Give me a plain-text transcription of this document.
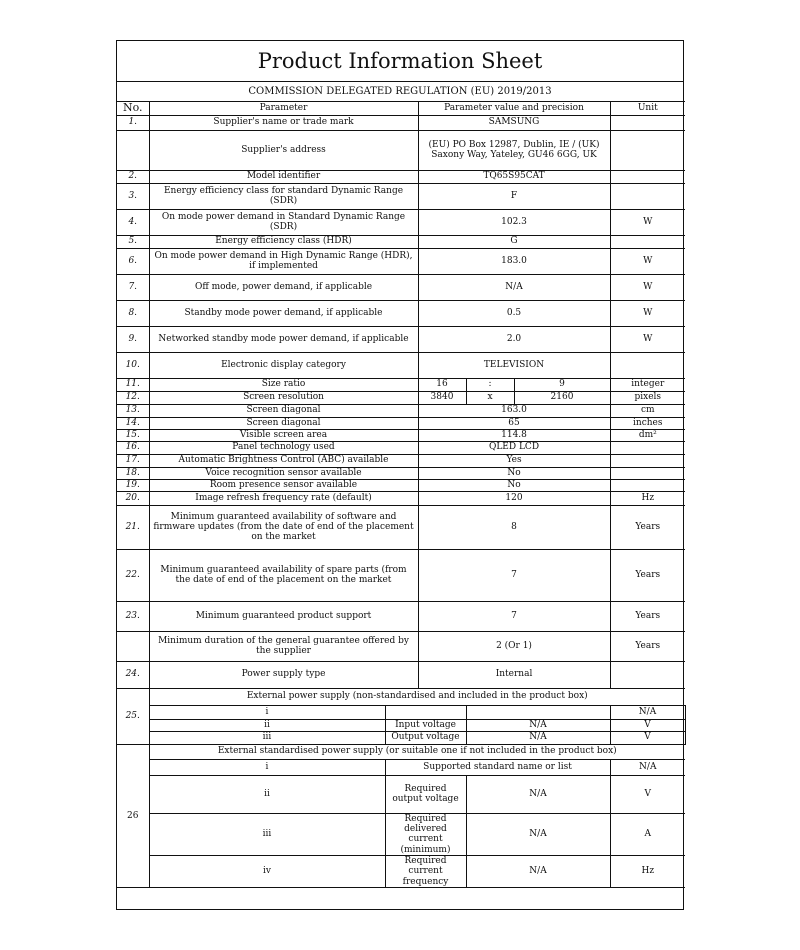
Product Information Sheet
COMMISSION DELEGATED REGULATION (EU) 2019/2013
No.	Parameter		Parameter value and precision			Unit	
1.	Supplier's name or trade mark		SAMSUNG				
	Supplier's address		(EU) PO Box 12987, Dublin, IE / (UK) Saxony Way, Yateley, GU46 6GG, UK				
2.	Model identifier		TQ65S95CAT				
3.	Energy efficiency class for standard Dynamic Range (SDR)		F				
4.	On mode power demand in Standard Dynamic Range (SDR)		102.3			W	
5.	Energy efficiency class (HDR)		G				
6.	On mode power demand in High Dynamic Range (HDR), if implemented		183.0			W	
7.	Off mode, power demand, if applicable		N/A			W	
8.	Standby mode power demand, if applicable		0.5			W	
9.	Networked standby mode power demand, if applicable		2.0			W	
10.	Electronic display category		TELEVISION				
11.	Size ratio		16	:	9	integer	
12.	Screen resolution		3840	x	2160	pixels	
13.	Screen diagonal		163.0			cm	
14.	Screen diagonal		65			inches	
15.	Visible screen area		114.8			dm²	
16.	Panel technology used		QLED LCD				
17.	Automatic Brightness Control (ABC) available		Yes				
18.	Voice recognition sensor available		No				
19.	Room presence sensor available		No				
20.	Image refresh frequency rate (default)		120			Hz	
21.	Minimum guaranteed availability of software and firmware updates (from the date of end of the placement on the market		8			Years	
22.	Minimum guaranteed availability of spare parts (from the date of end of the placement on the market		7			Years	
23.	Minimum guaranteed product support		7			Years	
	Minimum duration of the general guarantee offered by the supplier		2 (Or 1)			Years	
24.	Power supply type		Internal				
25.	External power supply (non-standardised and included in the product box)						
	i					N/A	
	ii	Input voltage		N/A		V	
	iii	Output voltage		N/A		V	
26	External standardised power supply (or suitable one if not included in the product box)						
	i	Supported standard name or list				N/A	
	ii	Required output voltage		N/A		V	
	iii	Required delivered current (minimum)		N/A		A	
	iv	Required current frequency		N/A		Hz	
